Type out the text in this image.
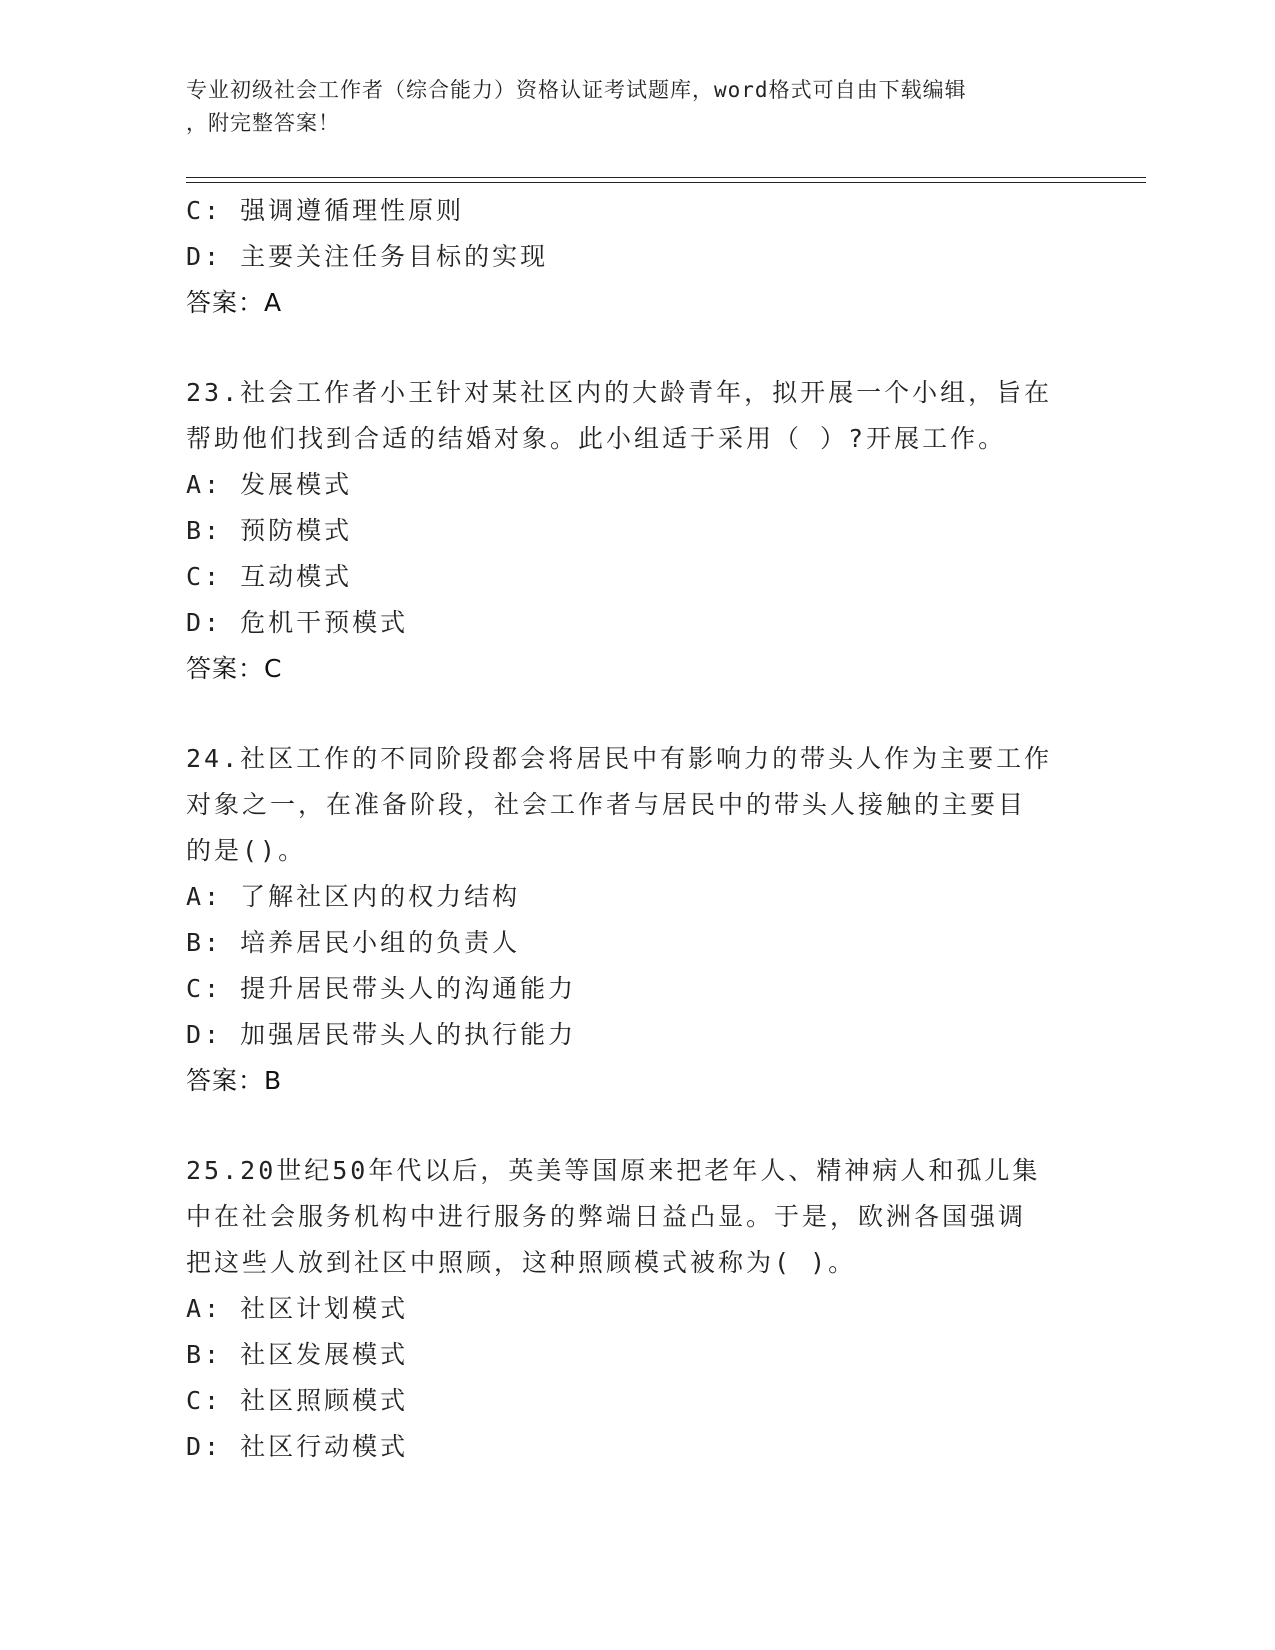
专业初级社会工作者（综合能力）资格认证考试题库，word格式可自由下载编辑
，附完整答案！
C: 强调遵循理性原则
D: 主要关注任务目标的实现
答案：A
23.社会工作者小王针对某社区内的大龄青年，拟开展一个小组，旨在
帮助他们找到合适的结婚对象。此小组适于采用（ ）?开展工作。
A: 发展模式
B: 预防模式
C: 互动模式
D: 危机干预模式
答案：C
24.社区工作的不同阶段都会将居民中有影响力的带头人作为主要工作
对象之一，在准备阶段，社会工作者与居民中的带头人接触的主要目
的是()。
A: 了解社区内的权力结构
B: 培养居民小组的负责人
C: 提升居民带头人的沟通能力
D: 加强居民带头人的执行能力
答案：B
25.20世纪50年代以后，英美等国原来把老年人、精神病人和孤儿集
中在社会服务机构中进行服务的弊端日益凸显。于是，欧洲各国强调
把这些人放到社区中照顾，这种照顾模式被称为( )。
A: 社区计划模式
B: 社区发展模式
C: 社区照顾模式
D: 社区行动模式
